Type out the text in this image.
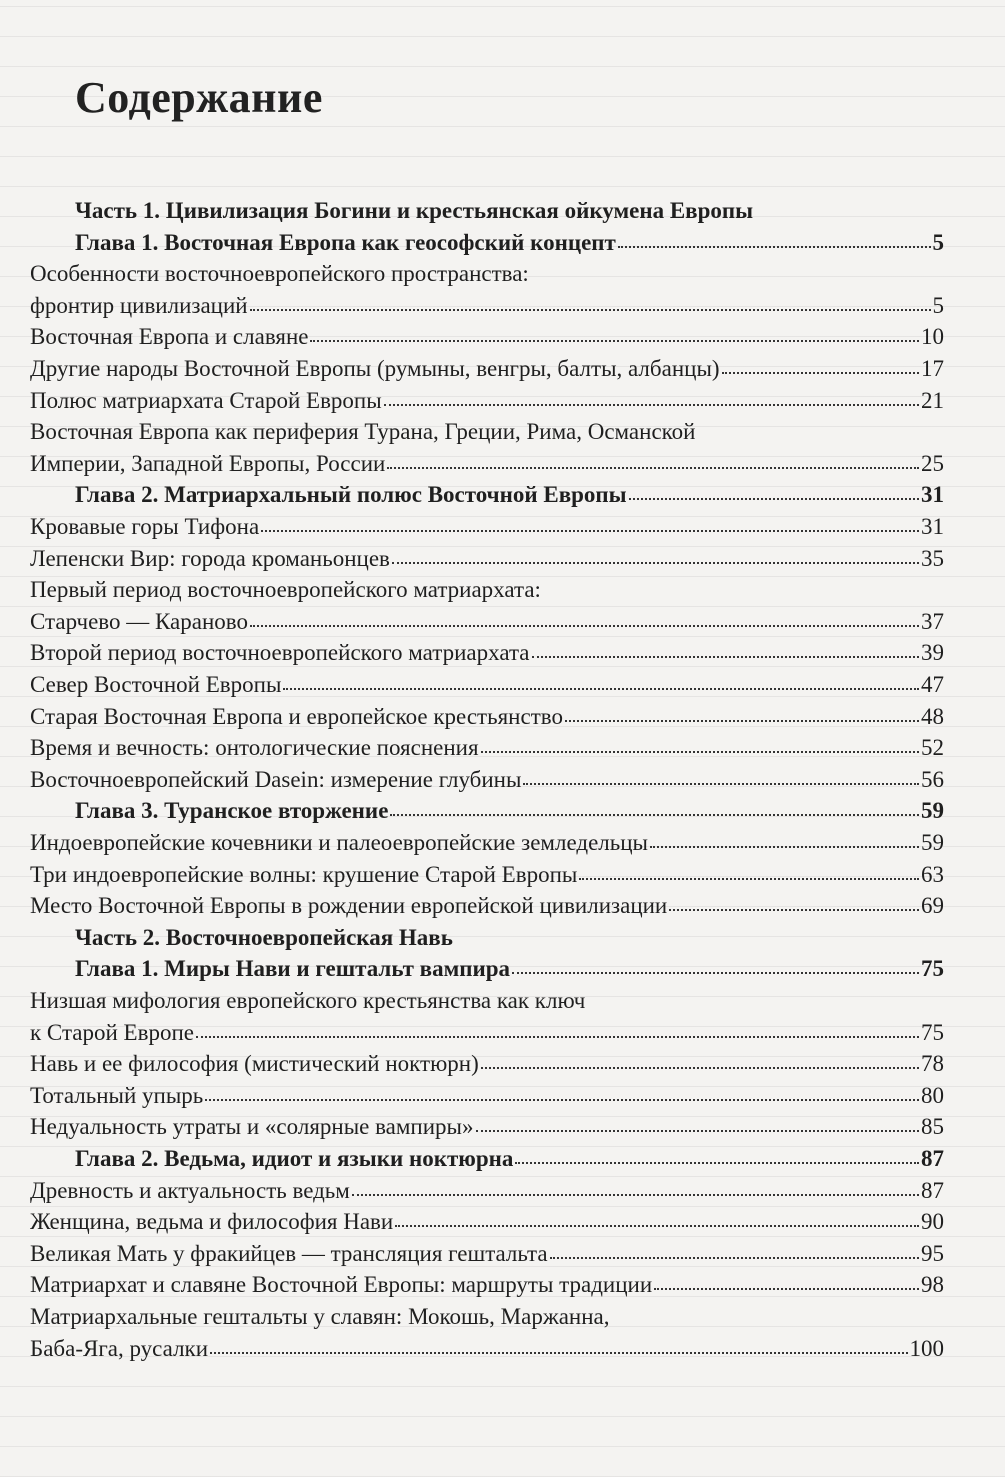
Содержание
Часть 1. Цивилизация Богини и крестьянская ойкумена Европы
Глава 1. Восточная Европа как геософский концепт	5
Особенности восточноевропейского пространства:
фронтир цивилизаций	5
Восточная Европа и славяне	10
Другие народы Восточной Европы (румыны, венгры, балты, албанцы)	17
Полюс матриархата Старой Европы	21
Восточная Европа как периферия Турана, Греции, Рима, Османской
Империи, Западной Европы, России	25
Глава 2. Матриархальный полюс Восточной Европы	31
Кровавые горы Тифона	31
Лепенски Вир: города кроманьонцев	35
Первый период восточноевропейского матриархата:
Старчево — Караново	37
Второй период восточноевропейского матриархата	39
Север Восточной Европы	47
Старая Восточная Европа и европейское крестьянство	48
Время и вечность: онтологические пояснения	52
Восточноевропейский Dasein: измерение глубины	56
Глава 3. Туранское вторжение	59
Индоевропейские кочевники и палеоевропейские земледельцы	59
Три индоевропейские волны: крушение Старой Европы	63
Место Восточной Европы в рождении европейской цивилизации	69
Часть 2. Восточноевропейская Навь
Глава 1. Миры Нави и гештальт вампира	75
Низшая мифология европейского крестьянства как ключ
к Старой Европе	75
Навь и ее философия (мистический ноктюрн)	78
Тотальный упырь	80
Недуальность утраты и «солярные вампиры»	85
Глава 2. Ведьма, идиот и языки ноктюрна	87
Древность и актуальность ведьм	87
Женщина, ведьма и философия Нави	90
Великая Мать у фракийцев — трансляция гештальта	95
Матриархат и славяне Восточной Европы: маршруты традиции	98
Матриархальные гештальты у славян: Мокошь, Маржанна,
Баба-Яга, русалки	100
